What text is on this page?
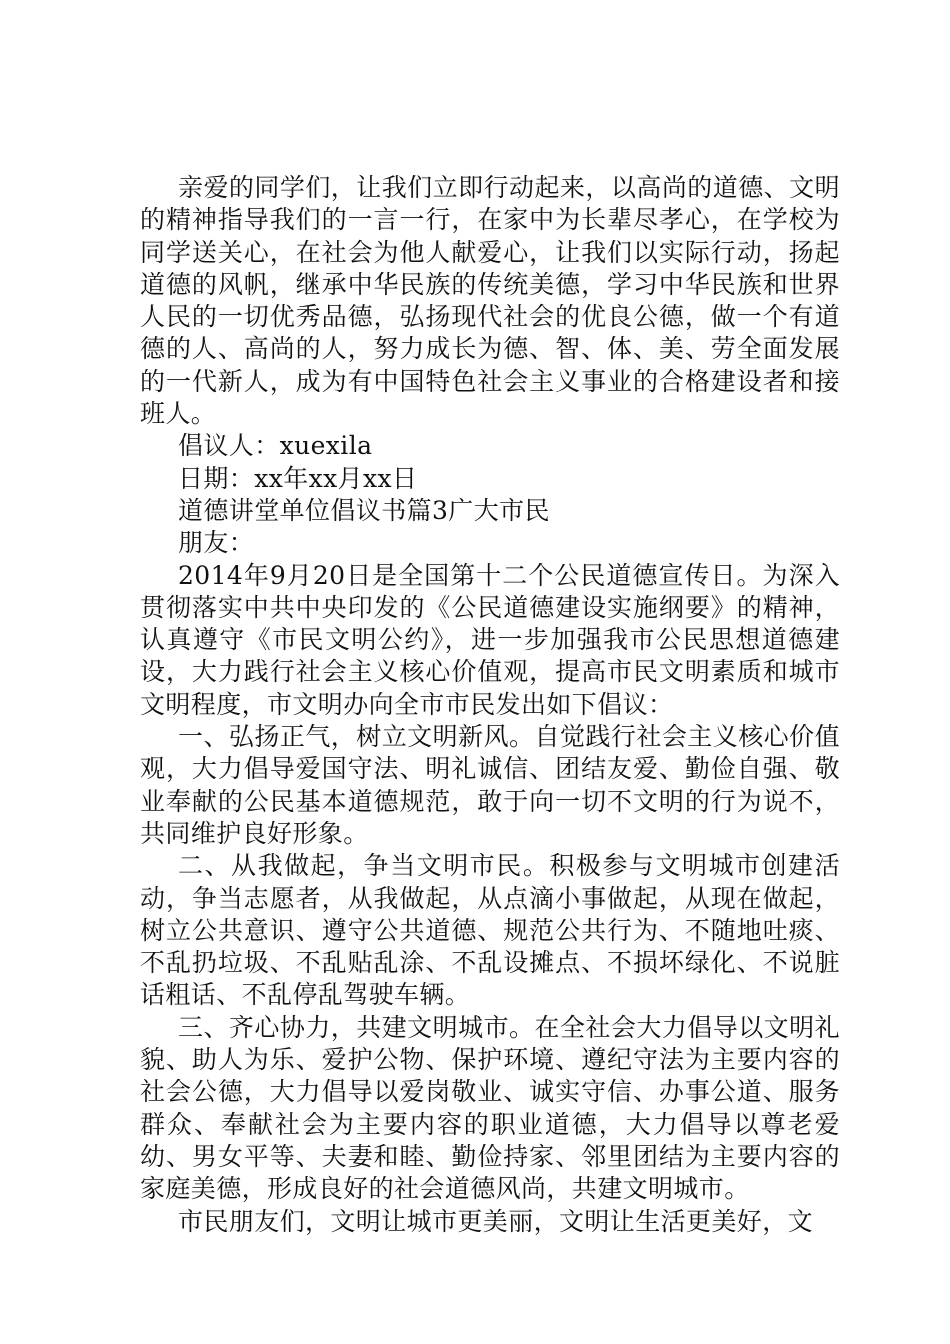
亲爱的同学们，让我们立即行动起来，以高尚的道德、文明的精神指导我们的一言一行，在家中为长辈尽孝心，在学校为同学送关心，在社会为他人献爱心，让我们以实际行动，扬起道德的风帆，继承中华民族的传统美德，学习中华民族和世界人民的一切优秀品德，弘扬现代社会的优良公德，做一个有道德的人、高尚的人，努力成长为德、智、体、美、劳全面发展的一代新人，成为有中国特色社会主义事业的合格建设者和接班人。

倡议人：xuexila

日期：xx年xx月xx日

道德讲堂单位倡议书篇3广大市民

朋友：

2014年9月20日是全国第十二个公民道德宣传日。为深入贯彻落实中共中央印发的《公民道德建设实施纲要》的精神，认真遵守《市民文明公约》，进一步加强我市公民思想道德建设，大力践行社会主义核心价值观，提高市民文明素质和城市文明程度，市文明办向全市市民发出如下倡议：

一、弘扬正气，树立文明新风。自觉践行社会主义核心价值观，大力倡导爱国守法、明礼诚信、团结友爱、勤俭自强、敬业奉献的公民基本道德规范，敢于向一切不文明的行为说不，共同维护良好形象。

二、从我做起，争当文明市民。积极参与文明城市创建活动，争当志愿者，从我做起，从点滴小事做起，从现在做起，树立公共意识、遵守公共道德、规范公共行为、不随地吐痰、不乱扔垃圾、不乱贴乱涂、不乱设摊点、不损坏绿化、不说脏话粗话、不乱停乱驾驶车辆。

三、齐心协力，共建文明城市。在全社会大力倡导以文明礼貌、助人为乐、爱护公物、保护环境、遵纪守法为主要内容的社会公德，大力倡导以爱岗敬业、诚实守信、办事公道、服务群众、奉献社会为主要内容的职业道德，大力倡导以尊老爱幼、男女平等、夫妻和睦、勤俭持家、邻里团结为主要内容的家庭美德，形成良好的社会道德风尚，共建文明城市。

市民朋友们，文明让城市更美丽，文明让生活更美好，文
